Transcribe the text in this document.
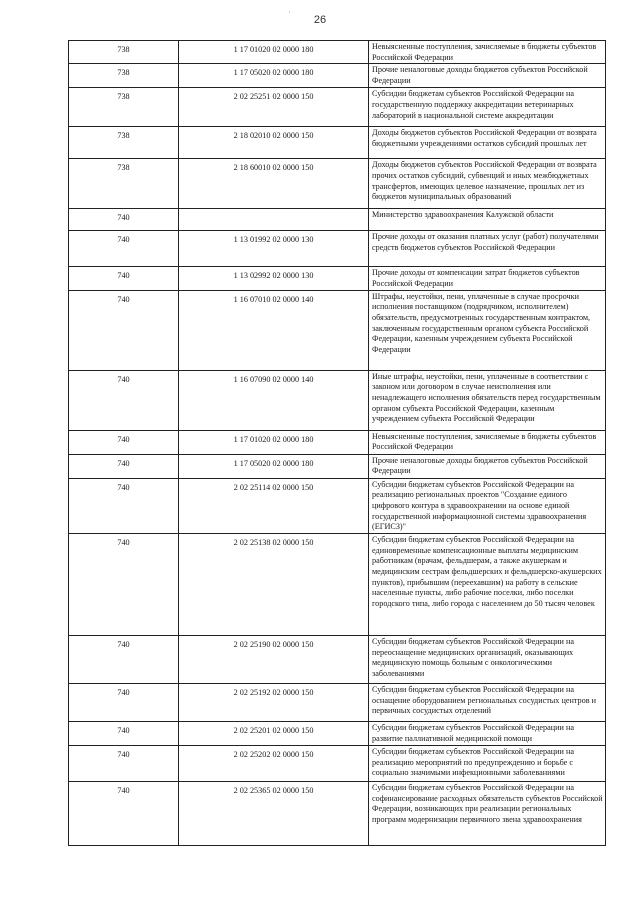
·
26
738	1 17 01020 02 0000 180	Невыясненные поступления, зачисляемые в бюджеты субъектов Российской Федерации
738	1 17 05020 02 0000 180	Прочие неналоговые доходы бюджетов субъектов Российской Федерации
738	2 02 25251 02 0000 150	Субсидии бюджетам субъектов Российской Федерации на государственную поддержку аккредитации ветеринарных лабораторий в национальной системе аккредитации
738	2 18 02010 02 0000 150	Доходы бюджетов субъектов Российской Федерации от возврата бюджетными учреждениями остатков субсидий прошлых лет
738	2 18 60010 02 0000 150	Доходы бюджетов субъектов Российской Федерации от возврата прочих остатков субсидий, субвенций и иных межбюджетных трансфертов, имеющих целевое назначение, прошлых лет из бюджетов муниципальных образований
740		Министерство здравоохранения Калужской области
740	1 13 01992 02 0000 130	Прочие доходы от оказания платных услуг (работ) получателями средств бюджетов субъектов Российской Федерации
740	1 13 02992 02 0000 130	Прочие доходы от компенсации затрат бюджетов субъектов Российской Федерации
740	1 16 07010 02 0000 140	Штрафы, неустойки, пени, уплаченные в случае просрочки исполнения поставщиком (подрядчиком, исполнителем) обязательств, предусмотренных государственным контрактом, заключенным государственным органом субъекта Российской Федерации, казенным учреждением субъекта Российской Федерации
740	1 16 07090 02 0000 140	Иные штрафы, неустойки, пени, уплаченные в соответствии с законом или договором в случае неисполнения или ненадлежащего исполнения обязательств перед государственным органом субъекта Российской Федерации, казенным учреждением субъекта Российской Федерации
740	1 17 01020 02 0000 180	Невыясненные поступления, зачисляемые в бюджеты субъектов Российской Федерации
740	1 17 05020 02 0000 180	Прочие неналоговые доходы бюджетов субъектов Российской Федерации
740	2 02 25114 02 0000 150	Субсидии бюджетам субъектов Российской Федерации на реализацию региональных проектов "Создание единого цифрового контура в здравоохранении на основе единой государственной информационной системы здравоохранения (ЕГИСЗ)"
740	2 02 25138 02 0000 150	Субсидии бюджетам субъектов Российской Федерации на единовременные компенсационные выплаты медицинским работникам (врачам, фельдшерам, а также акушеркам и медицинским сестрам фельдшерских и фельдшерско-акушерских пунктов), прибывшим (переехавшим) на работу в сельские населенные пункты, либо рабочие поселки, либо поселки городского типа, либо города с населением до 50 тысяч человек
740	2 02 25190 02 0000 150	Субсидии бюджетам субъектов Российской Федерации на переоснащение медицинских организаций, оказывающих медицинскую помощь больным с онкологическими заболеваниями
740	2 02 25192 02 0000 150	Субсидии бюджетам субъектов Российской Федерации на оснащение оборудованием региональных сосудистых центров и первичных сосудистых отделений
740	2 02 25201 02 0000 150	Субсидии бюджетам субъектов Российской Федерации на развитие паллиативной медицинской помощи
740	2 02 25202 02 0000 150	Субсидии бюджетам субъектов Российской Федерации на реализацию мероприятий по предупреждению и борьбе с социально значимыми инфекционными заболеваниями
740	2 02 25365 02 0000 150	Субсидии бюджетам субъектов Российской Федерации на софинансирование расходных обязательств субъектов Российской Федерации, возникающих при реализации региональных программ модернизации первичного звена здравоохранения
